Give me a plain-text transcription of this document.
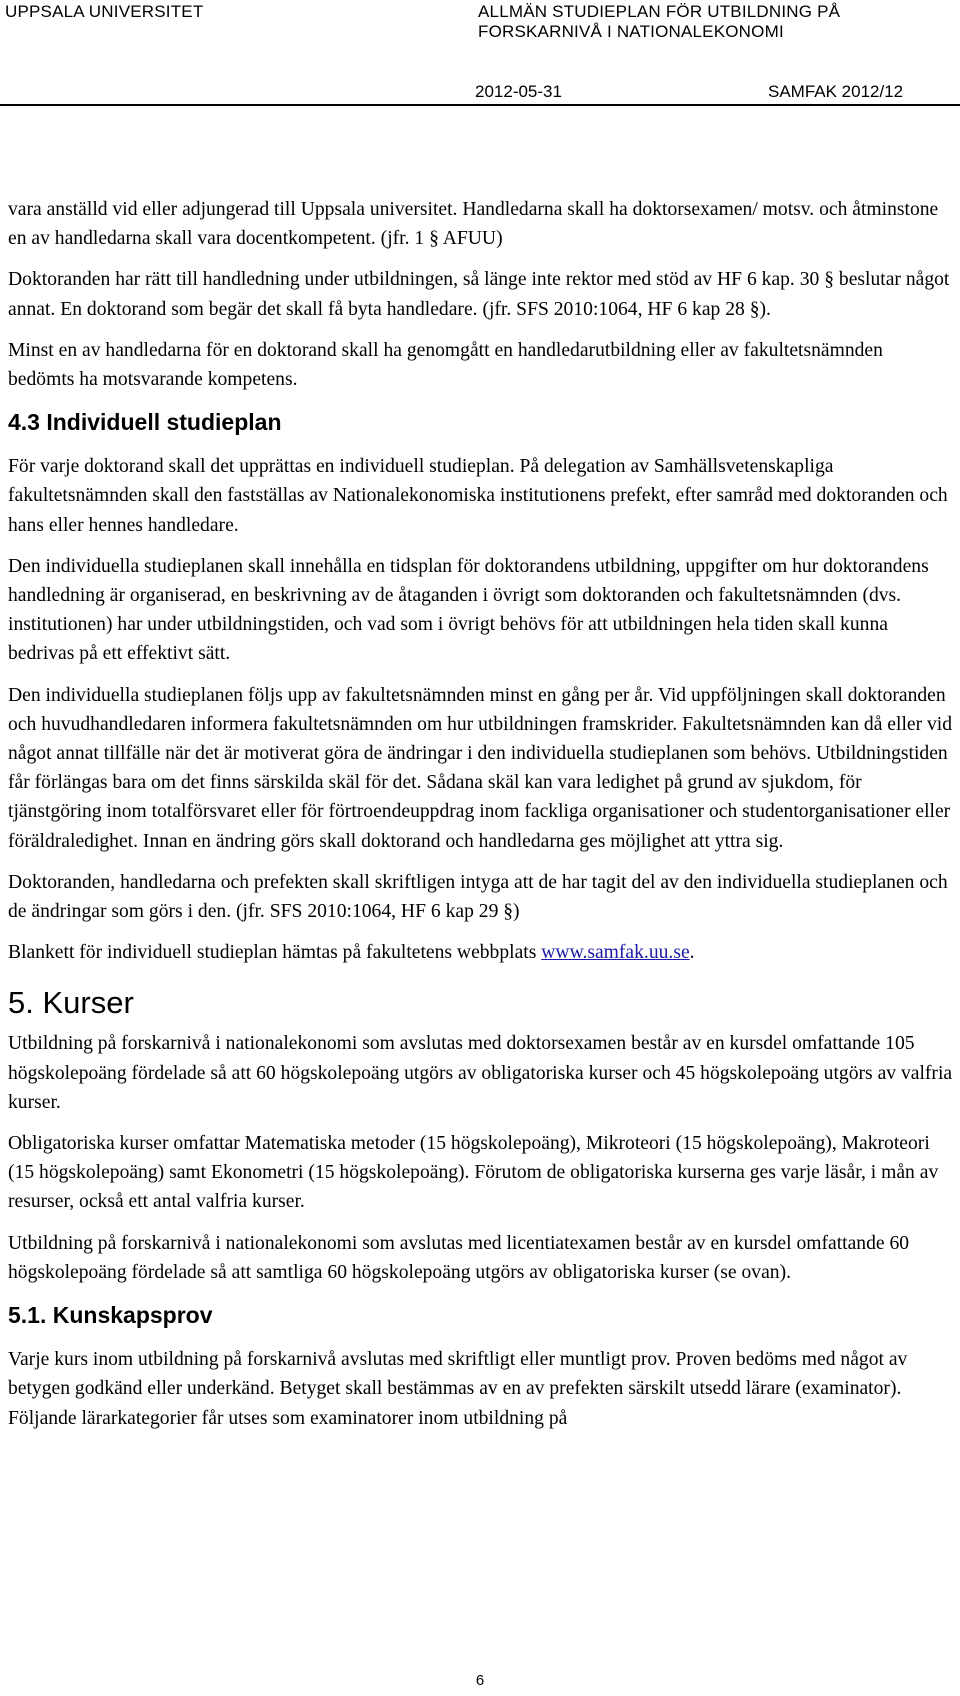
UPPSALA UNIVERSITET	ALLMÄN STUDIEPLAN FÖR UTBILDNING PÅ FORSKARNIVÅ I NATIONALEKONOMI
2012-05-31	SAMFAK 2012/12

vara anställd vid eller adjungerad till Uppsala universitet. Handledarna skall ha doktorsexamen/ motsv. och åtminstone en av handledarna skall vara docentkompetent. (jfr. 1 § AFUU)

Doktoranden har rätt till handledning under utbildningen, så länge inte rektor med stöd av HF 6 kap. 30 § beslutar något annat. En doktorand som begär det skall få byta handledare. (jfr. SFS 2010:1064, HF 6 kap 28 §).

Minst en av handledarna för en doktorand skall ha genomgått en handledarutbildning eller av fakultetsnämnden bedömts ha motsvarande kompetens.

4.3 Individuell studieplan

För varje doktorand skall det upprättas en individuell studieplan. På delegation av Samhällsvetenskapliga fakultetsnämnden skall den fastställas av Nationalekonomiska institutionens prefekt, efter samråd med doktoranden och hans eller hennes handledare.

Den individuella studieplanen skall innehålla en tidsplan för doktorandens utbildning, uppgifter om hur doktorandens handledning är organiserad, en beskrivning av de åtaganden i övrigt som doktoranden och fakultetsnämnden (dvs. institutionen) har under utbildningstiden, och vad som i övrigt behövs för att utbildningen hela tiden skall kunna bedrivas på ett effektivt sätt.

Den individuella studieplanen följs upp av fakultetsnämnden minst en gång per år. Vid uppföljningen skall doktoranden och huvudhandledaren informera fakultetsnämnden om hur utbildningen framskrider. Fakultetsnämnden kan då eller vid något annat tillfälle när det är motiverat göra de ändringar i den individuella studieplanen som behövs. Utbildningstiden får förlängas bara om det finns särskilda skäl för det. Sådana skäl kan vara ledighet på grund av sjukdom, för tjänstgöring inom totalförsvaret eller för förtroendeuppdrag inom fackliga organisationer och studentorganisationer eller föräldraledighet. Innan en ändring görs skall doktorand och handledarna ges möjlighet att yttra sig.

Doktoranden, handledarna och prefekten skall skriftligen intyga att de har tagit del av den individuella studieplanen och de ändringar som görs i den. (jfr. SFS 2010:1064, HF 6 kap 29 §)

Blankett för individuell studieplan hämtas på fakultetens webbplats www.samfak.uu.se.

5. Kurser

Utbildning på forskarnivå i nationalekonomi som avslutas med doktorsexamen består av en kursdel omfattande 105 högskolepoäng fördelade så att 60 högskolepoäng utgörs av obligatoriska kurser och 45 högskolepoäng utgörs av valfria kurser.

Obligatoriska kurser omfattar Matematiska metoder (15 högskolepoäng), Mikroteori (15 högskolepoäng), Makroteori (15 högskolepoäng) samt Ekonometri (15 högskolepoäng). Förutom de obligatoriska kurserna ges varje läsår, i mån av resurser, också ett antal valfria kurser.

Utbildning på forskarnivå i nationalekonomi som avslutas med licentiatexamen består av en kursdel omfattande 60 högskolepoäng fördelade så att samtliga 60 högskolepoäng utgörs av obligatoriska kurser (se ovan).

5.1. Kunskapsprov

Varje kurs inom utbildning på forskarnivå avslutas med skriftligt eller muntligt prov. Proven bedöms med något av betygen godkänd eller underkänd. Betyget skall bestämmas av en av prefekten särskilt utsedd lärare (examinator). Följande lärarkategorier får utses som examinatorer inom utbildning på

6
